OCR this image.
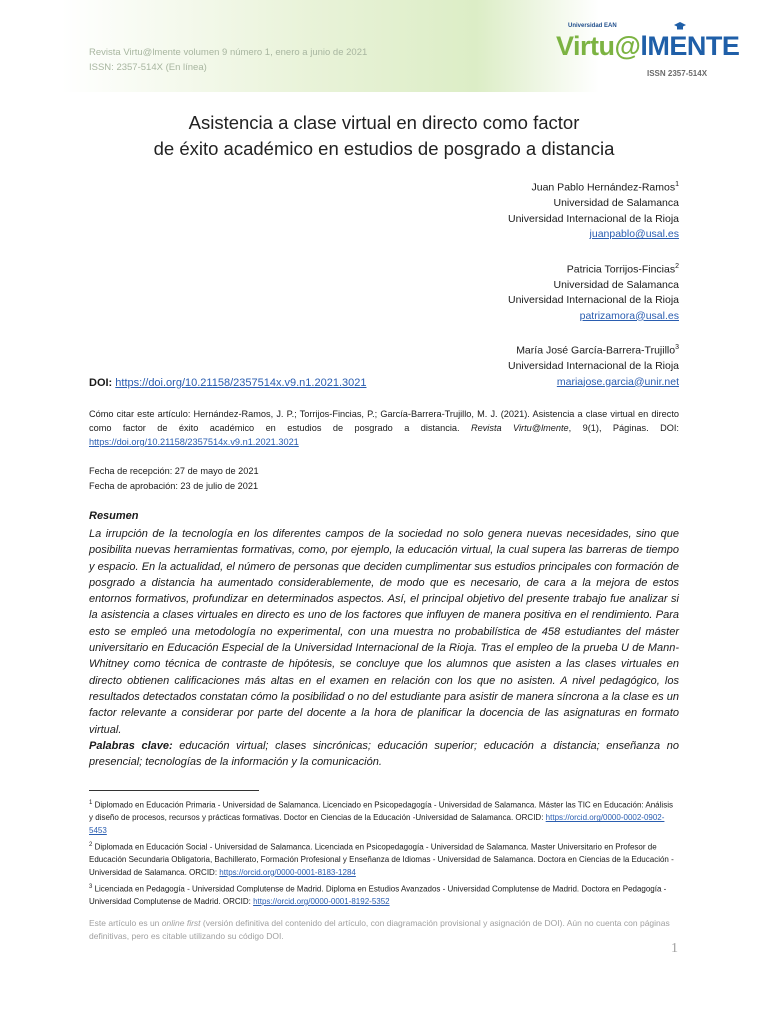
Revista Virtu@lmente volumen 9 número 1, enero a junio de 2021
ISSN: 2357-514X (En línea)
Universidad EAN
Virtu@lMENTE
ISSN 2357-514X
Asistencia a clase virtual en directo como factor
de éxito académico en estudios de posgrado a distancia
Juan Pablo Hernández-Ramos$^1$
Universidad de Salamanca
Universidad Internacional de la Rioja
juanpablo@usal.es
Patricia Torrijos-Fincias$^2$
Universidad de Salamanca
Universidad Internacional de la Rioja
patrizamora@usal.es
María José García-Barrera-Trujillo$^3$
Universidad Internacional de la Rioja
mariajose.garcia@unir.net
DOI: https://doi.org/10.21158/2357514x.v9.n1.2021.3021
Cómo citar este artículo: Hernández-Ramos, J. P.; Torrijos-Fincias, P.; García-Barrera-Trujillo, M. J. (2021). Asistencia a clase virtual en directo como factor de éxito académico en estudios de posgrado a distancia. Revista Virtu@lmente, 9(1), Páginas. DOI: https://doi.org/10.21158/2357514x.v9.n1.2021.3021
Fecha de recepción: 27 de mayo de 2021
Fecha de aprobación: 23 de julio de 2021
Resumen
La irrupción de la tecnología en los diferentes campos de la sociedad no solo genera nuevas necesidades, sino que posibilita nuevas herramientas formativas, como, por ejemplo, la educación virtual, la cual supera las barreras de tiempo y espacio. En la actualidad, el número de personas que deciden cumplimentar sus estudios principales con formación de posgrado a distancia ha aumentado considerablemente, de modo que es necesario, de cara a la mejora de estos entornos formativos, profundizar en determinados aspectos. Así, el principal objetivo del presente trabajo fue analizar si la asistencia a clases virtuales en directo es uno de los factores que influyen de manera positiva en el rendimiento. Para esto se empleó una metodología no experimental, con una muestra no probabilística de 458 estudiantes del máster universitario en Educación Especial de la Universidad Internacional de la Rioja. Tras el empleo de la prueba U de Mann-Whitney como técnica de contraste de hipótesis, se concluye que los alumnos que asisten a las clases virtuales en directo obtienen calificaciones más altas en el examen en relación con los que no asisten. A nivel pedagógico, los resultados detectados constatan cómo la posibilidad o no del estudiante para asistir de manera síncrona a la clase es un factor relevante a considerar por parte del docente a la hora de planificar la docencia de las asignaturas en formato virtual.
Palabras clave: educación virtual; clases sincrónicas; educación superior; educación a distancia; enseñanza no presencial; tecnologías de la información y la comunicación.
$^1$ Diplomado en Educación Primaria - Universidad de Salamanca. Licenciado en Psicopedagogía - Universidad de Salamanca. Máster las TIC en Educación: Análisis y diseño de procesos, recursos y prácticas formativas. Doctor en Ciencias de la Educación -Universidad de Salamanca. ORCID: https://orcid.org/0000-0002-0902-5453
$^2$ Diplomada en Educación Social - Universidad de Salamanca. Licenciada en Psicopedagogía - Universidad de Salamanca. Master Universitario en Profesor de Educación Secundaria Obligatoria, Bachillerato, Formación Profesional y Enseñanza de Idiomas - Universidad de Salamanca. Doctora en Ciencias de la Educación - Universidad de Salamanca. ORCID: https://orcid.org/0000-0001-8183-1284
$^3$ Licenciada en Pedagogía - Universidad Complutense de Madrid. Diploma en Estudios Avanzados - Universidad Complutense de Madrid. Doctora en Pedagogía - Universidad Complutense de Madrid. ORCID: https://orcid.org/0000-0001-8192-5352
Este artículo es un online first (versión definitiva del contenido del artículo, con diagramación provisional y asignación de DOI). Aún no cuenta con páginas definitivas, pero es citable utilizando su código DOI.
1
